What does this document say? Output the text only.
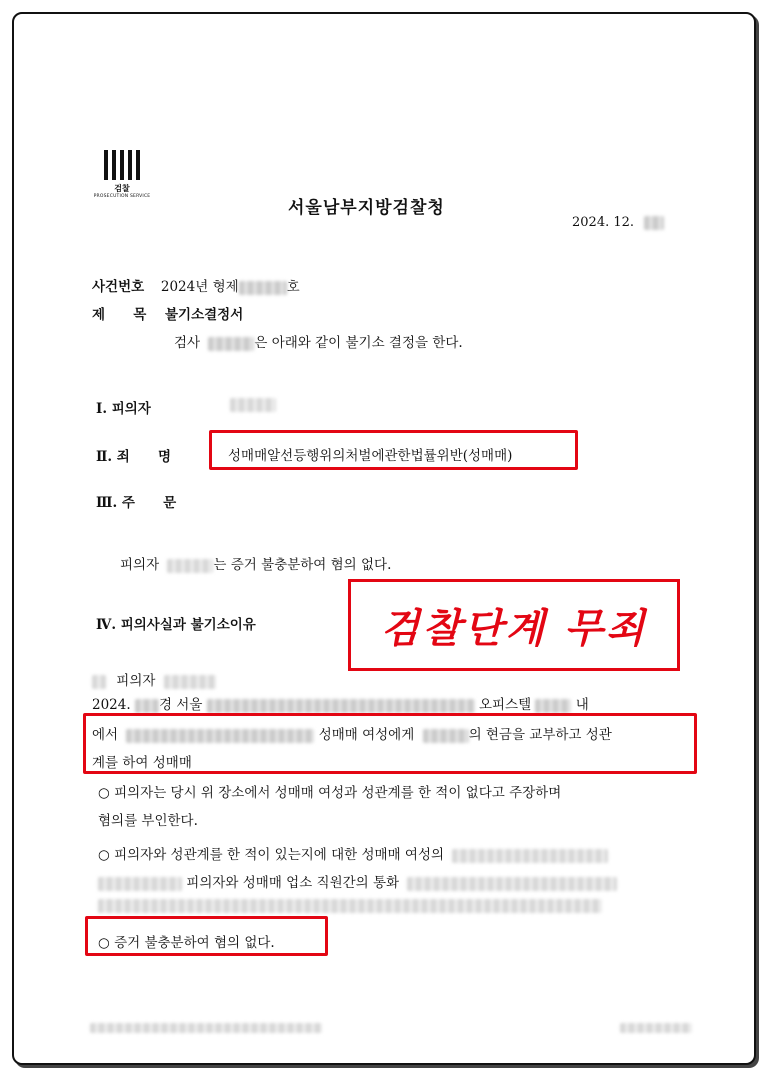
검찰
PROSECUTION SERVICE
서울남부지방검찰청
2024. 12.
사건번호 2024년 형제	호
제      목 불기소결정서
검사	은 아래와 같이 불기소 결정을 한다.
Ⅰ. 피의자
Ⅱ. 죄      명	성매매알선등행위의처벌에관한법률위반(성매매)
Ⅲ. 주      문
피의자	는 증거 불충분하여 혐의 없다.
Ⅳ. 피의사실과 불기소이유	검찰단계 무죄
피의자
2024. 경 서울	오피스텔	내
에서	성매매 여성에게	의 현금을 교부하고 성관
계를 하여 성매매
○ 피의자는 당시 위 장소에서 성매매 여성과 성관계를 한 적이 없다고 주장하며
혐의를 부인한다.
○ 피의자와 성관계를 한 적이 있는지에 대한 성매매 여성의
피의자와 성매매 업소 직원간의 통화
○ 증거 불충분하여 혐의 없다.
